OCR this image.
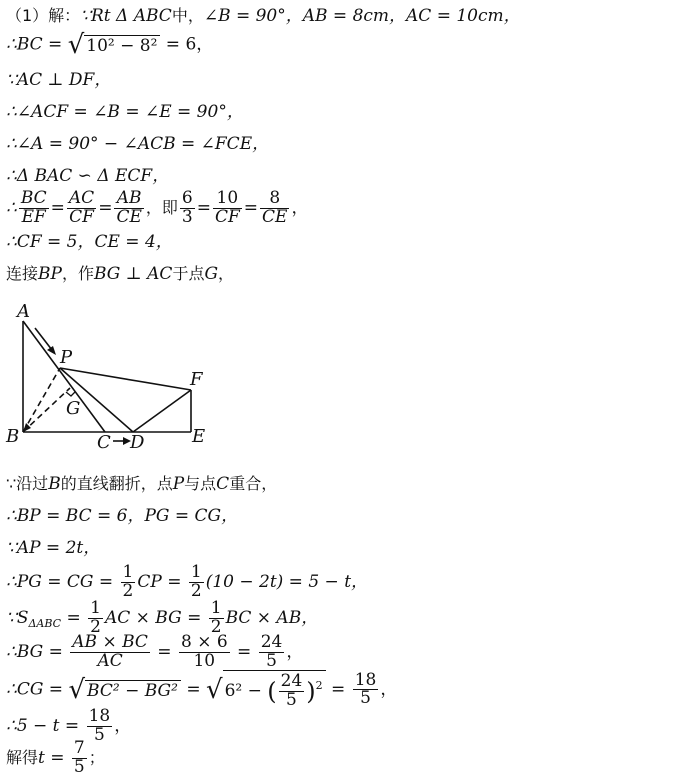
（1）解：∵Rt Δ ABC中，∠B = 90°，AB = 8cm，AC = 10cm，
∴BC = √ 10² − 8² = 6，
∵AC ⊥ DF，
∴∠ACF = ∠B = ∠E = 90°，
∴∠A = 90° − ∠ACB = ∠FCE，
∴Δ BAC ∽ Δ ECF，
∴ $\frac{BC}{EF} = \frac{AC}{CF} = \frac{AB}{CE}$ ，即 $\frac{6}{3} = \frac{10}{CF} = \frac{8}{CE}$ ，
∴CF = 5，CE = 4，
连接BP，作BG ⊥ AC于点G，
A
P
G
B	C D	E
F
∵沿过B的直线翻折，点P与点C重合，
∴BP = BC = 6，PG = CG，
∵AP = 2t，
∴PG = CG = $\frac{1}{2}$ CP = $\frac{1}{2} (10 - 2t) = 5 - t$，
$\because S_{\Delta ABC} = \frac{1}{2}$ AC × BG = $\frac{1}{2}$ BC × AB，
∴BG = $\frac{AB \times BC}{AC} = \frac{8 \times 6}{10} = \frac{24}{5}$ ，
∴CG = √ BC² − BG² = √ 6² − ( $\frac{24}{5} )^2 = \frac{18}{5}$ ，
∴5 − $t = \frac{18}{5}$ ，
解得$t = \frac{7}{5}$ ；
